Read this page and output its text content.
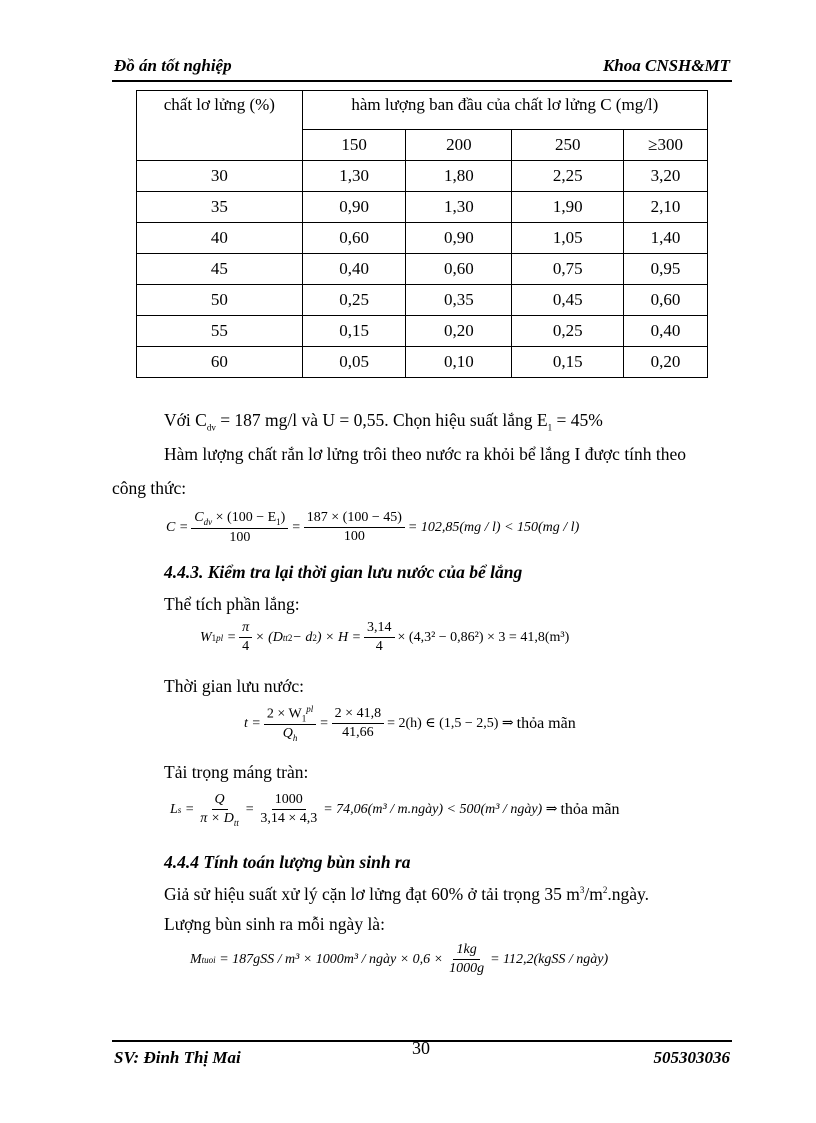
Đồ án tốt nghiệp	Khoa CNSH&MT
chất lơ lửng (%)	hàm lượng ban đầu của chất lơ lửng C (mg/l)			
	150	200	250	≥300
30	1,30	1,80	2,25	3,20
35	0,90	1,30	1,90	2,10
40	0,60	0,90	1,05	1,40
45	0,40	0,60	0,75	0,95
50	0,25	0,35	0,45	0,60
55	0,15	0,20	0,25	0,40
60	0,05	0,10	0,15	0,20
Với $C_{dv} = 187$ mg/l và U = 0,55. Chọn hiệu suất lắng $E_1 = 45\%$
Hàm lượng chất rắn lơ lửng trôi theo nước ra khỏi bể lắng I được tính theo
công thức:
$C = \frac{C_{dv} \times (100 - E_1)}{100} = \frac{187 \times (100 - 45)}{100} = 102,85(mg / l) < 150(mg / l)$
4.4.3. Kiểm tra lại thời gian lưu nước của bể lắng
Thể tích phần lắng:
W 1 pl = $\frac{\pi}{4} \times (D$ tt 2 − d 2 ) × $H = \frac{3,14}{4} \times (4,3^2 - 0,86^2) \times 3 = 41,8(m^3)$
Thời gian lưu nước:
$t = \frac{2 \times W_1^{pl}}{Q_h} = \frac{2 \times 41,8}{41,66} = 2(h)$ ∈ (1,5 − 2,5) ⇒ thỏa mãn
Tải trọng máng tràn:
L $s = \frac{Q}{\pi \times D_{tt}} = \frac{1000}{3,14 \times 4,3} = 74,06(m^3$ / m.ngày) < 500(m³ / ngày) ⇒ thỏa mãn
4.4.4 Tính toán lượng bùn sinh ra
Giả sử hiệu suất xử lý cặn lơ lửng đạt 60% ở tải trọng 35 $m^3/m^2.ngày$.
Lượng bùn sinh ra mỗi ngày là:
M tuoi
= 187gSS / m³ × 1000m³ / ngày × $0,6 \times \frac{1kg}{1000g}$ = 112,2(kgSS / ngày)
SV: Đinh Thị Mai	30	505303036
